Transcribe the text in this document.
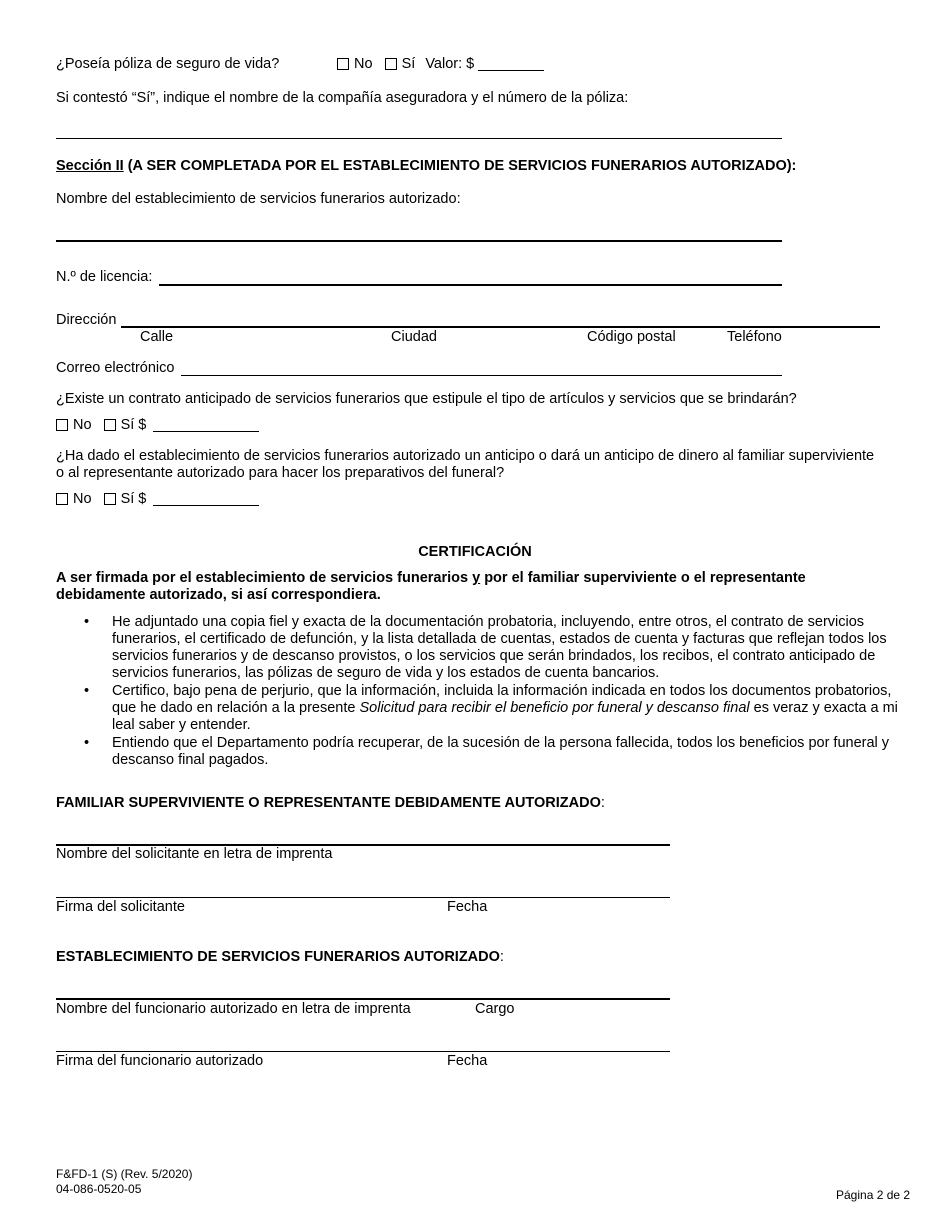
¿Poseía póliza de seguro de vida?	No Sí Valor: $
Si contestó “Sí”, indique el nombre de la compañía aseguradora y el número de la póliza:
Sección II (A SER COMPLETADA POR EL ESTABLECIMIENTO DE SERVICIOS FUNERARIOS AUTORIZADO):
Nombre del establecimiento de servicios funerarios autorizado:
N.º de licencia:
Dirección
Calle	Ciudad	Código postal	Teléfono
Correo electrónico
¿Existe un contrato anticipado de servicios funerarios que estipule el tipo de artículos y servicios que se brindarán?
No Sí $
¿Ha dado el establecimiento de servicios funerarios autorizado un anticipo o dará un anticipo de dinero al familiar superviviente
o al representante autorizado para hacer los preparativos del funeral?
No Sí $
CERTIFICACIÓN
A ser firmada por el establecimiento de servicios funerarios y por el familiar superviviente o el representante
debidamente autorizado, si así correspondiera.
• He adjuntado una copia fiel y exacta de la documentación probatoria, incluyendo, entre otros, el contrato de servicios funerarios, el certificado de defunción, y la lista detallada de cuentas, estados de cuenta y facturas que reflejan todos los servicios funerarios y de descanso provistos, o los servicios que serán brindados, los recibos, el contrato anticipado de servicios funerarios, las pólizas de seguro de vida y los estados de cuenta bancarios.
• Certifico, bajo pena de perjurio, que la información, incluida la información indicada en todos los documentos probatorios, que he dado en relación a la presente Solicitud para recibir el beneficio por funeral y descanso final es veraz y exacta a mi leal saber y entender.
• Entiendo que el Departamento podría recuperar, de la sucesión de la persona fallecida, todos los beneficios por funeral y descanso final pagados.
FAMILIAR SUPERVIVIENTE O REPRESENTANTE DEBIDAMENTE AUTORIZADO:
Nombre del solicitante en letra de imprenta
Firma del solicitante	Fecha
ESTABLECIMIENTO DE SERVICIOS FUNERARIOS AUTORIZADO:
Nombre del funcionario autorizado en letra de imprenta	Cargo
Firma del funcionario autorizado	Fecha
F&FD-1 (S) (Rev. 5/2020)
04-086-0520-05	Página 2 de 2
